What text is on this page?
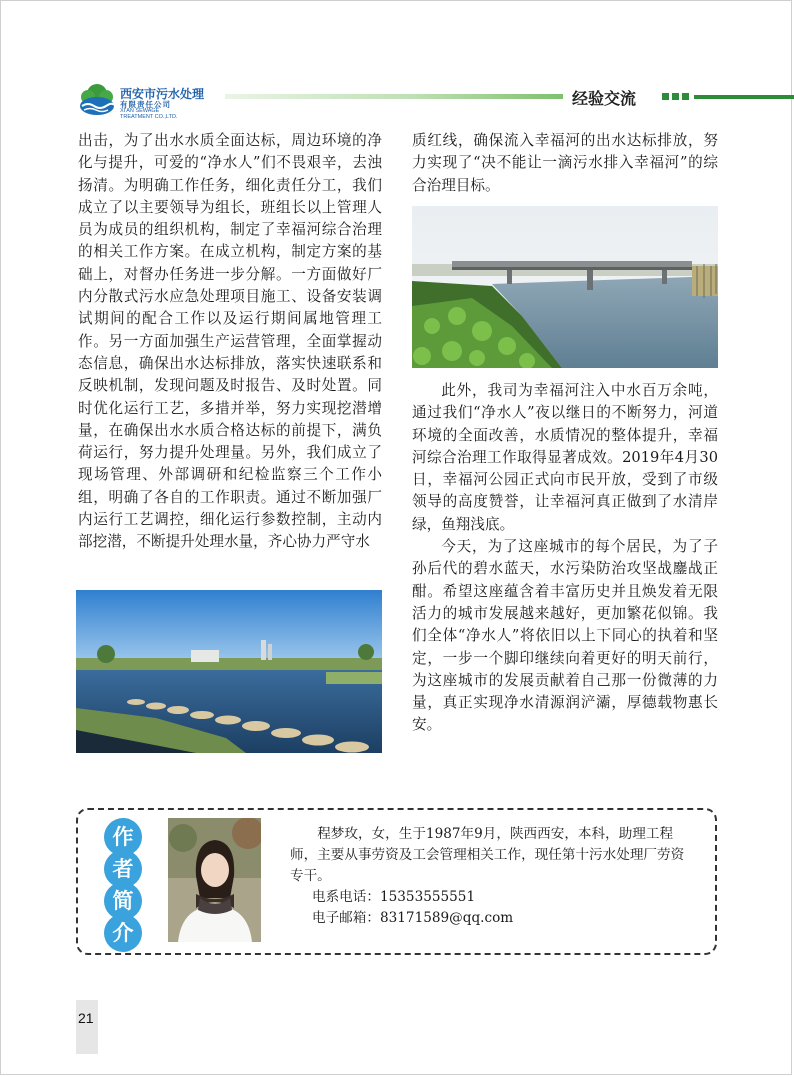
西安市污水处理
有限责任公司
XI'AN SEWAGE
TREATMENT CO.,LTD.
经验交流

出击，为了出水水质全面达标，周边环境的净化与提升，可爱的“净水人”们不畏艰辛，去浊扬清。为明确工作任务，细化责任分工，我们成立了以主要领导为组长，班组长以上管理人员为成员的组织机构，制定了幸福河综合治理的相关工作方案。在成立机构，制定方案的基础上，对督办任务进一步分解。一方面做好厂内分散式污水应急处理项目施工、设备安装调试期间的配合工作以及运行期间属地管理工作。另一方面加强生产运营管理，全面掌握动态信息，确保出水达标排放，落实快速联系和反映机制，发现问题及时报告、及时处置。同时优化运行工艺，多措并举，努力实现挖潜增量，在确保出水水质合格达标的前提下，满负荷运行，努力提升处理量。另外，我们成立了现场管理、外部调研和纪检监察三个工作小组，明确了各自的工作职责。通过不断加强厂内运行工艺调控，细化运行参数控制，主动内部挖潜，不断提升处理水量，齐心协力严守水

质红线，确保流入幸福河的出水达标排放，努力实现了“决不能让一滴污水排入幸福河”的综合治理目标。

此外，我司为幸福河注入中水百万余吨，通过我们“净水人”夜以继日的不断努力，河道环境的全面改善，水质情况的整体提升，幸福河综合治理工作取得显著成效。2019年4月30日，幸福河公园正式向市民开放，受到了市级领导的高度赞誉，让幸福河真正做到了水清岸绿，鱼翔浅底。

今天，为了这座城市的每个居民，为了子孙后代的碧水蓝天，水污染防治攻坚战鏖战正酣。希望这座蕴含着丰富历史并且焕发着无限活力的城市发展越来越好，更加繁花似锦。我们全体“净水人”将依旧以上下同心的执着和坚定，一步一个脚印继续向着更好的明天前行，为这座城市的发展贡献着自己那一份微薄的力量，真正实现净水清源润浐灞，厚德载物惠长安。

作
者
简
介

程梦玫，女，生于1987年9月，陕西西安，本科，助理工程师，主要从事劳资及工会管理相关工作，现任第十污水处理厂劳资专干。

电系电话：15353555551

电子邮箱：83171589@qq.com

21
